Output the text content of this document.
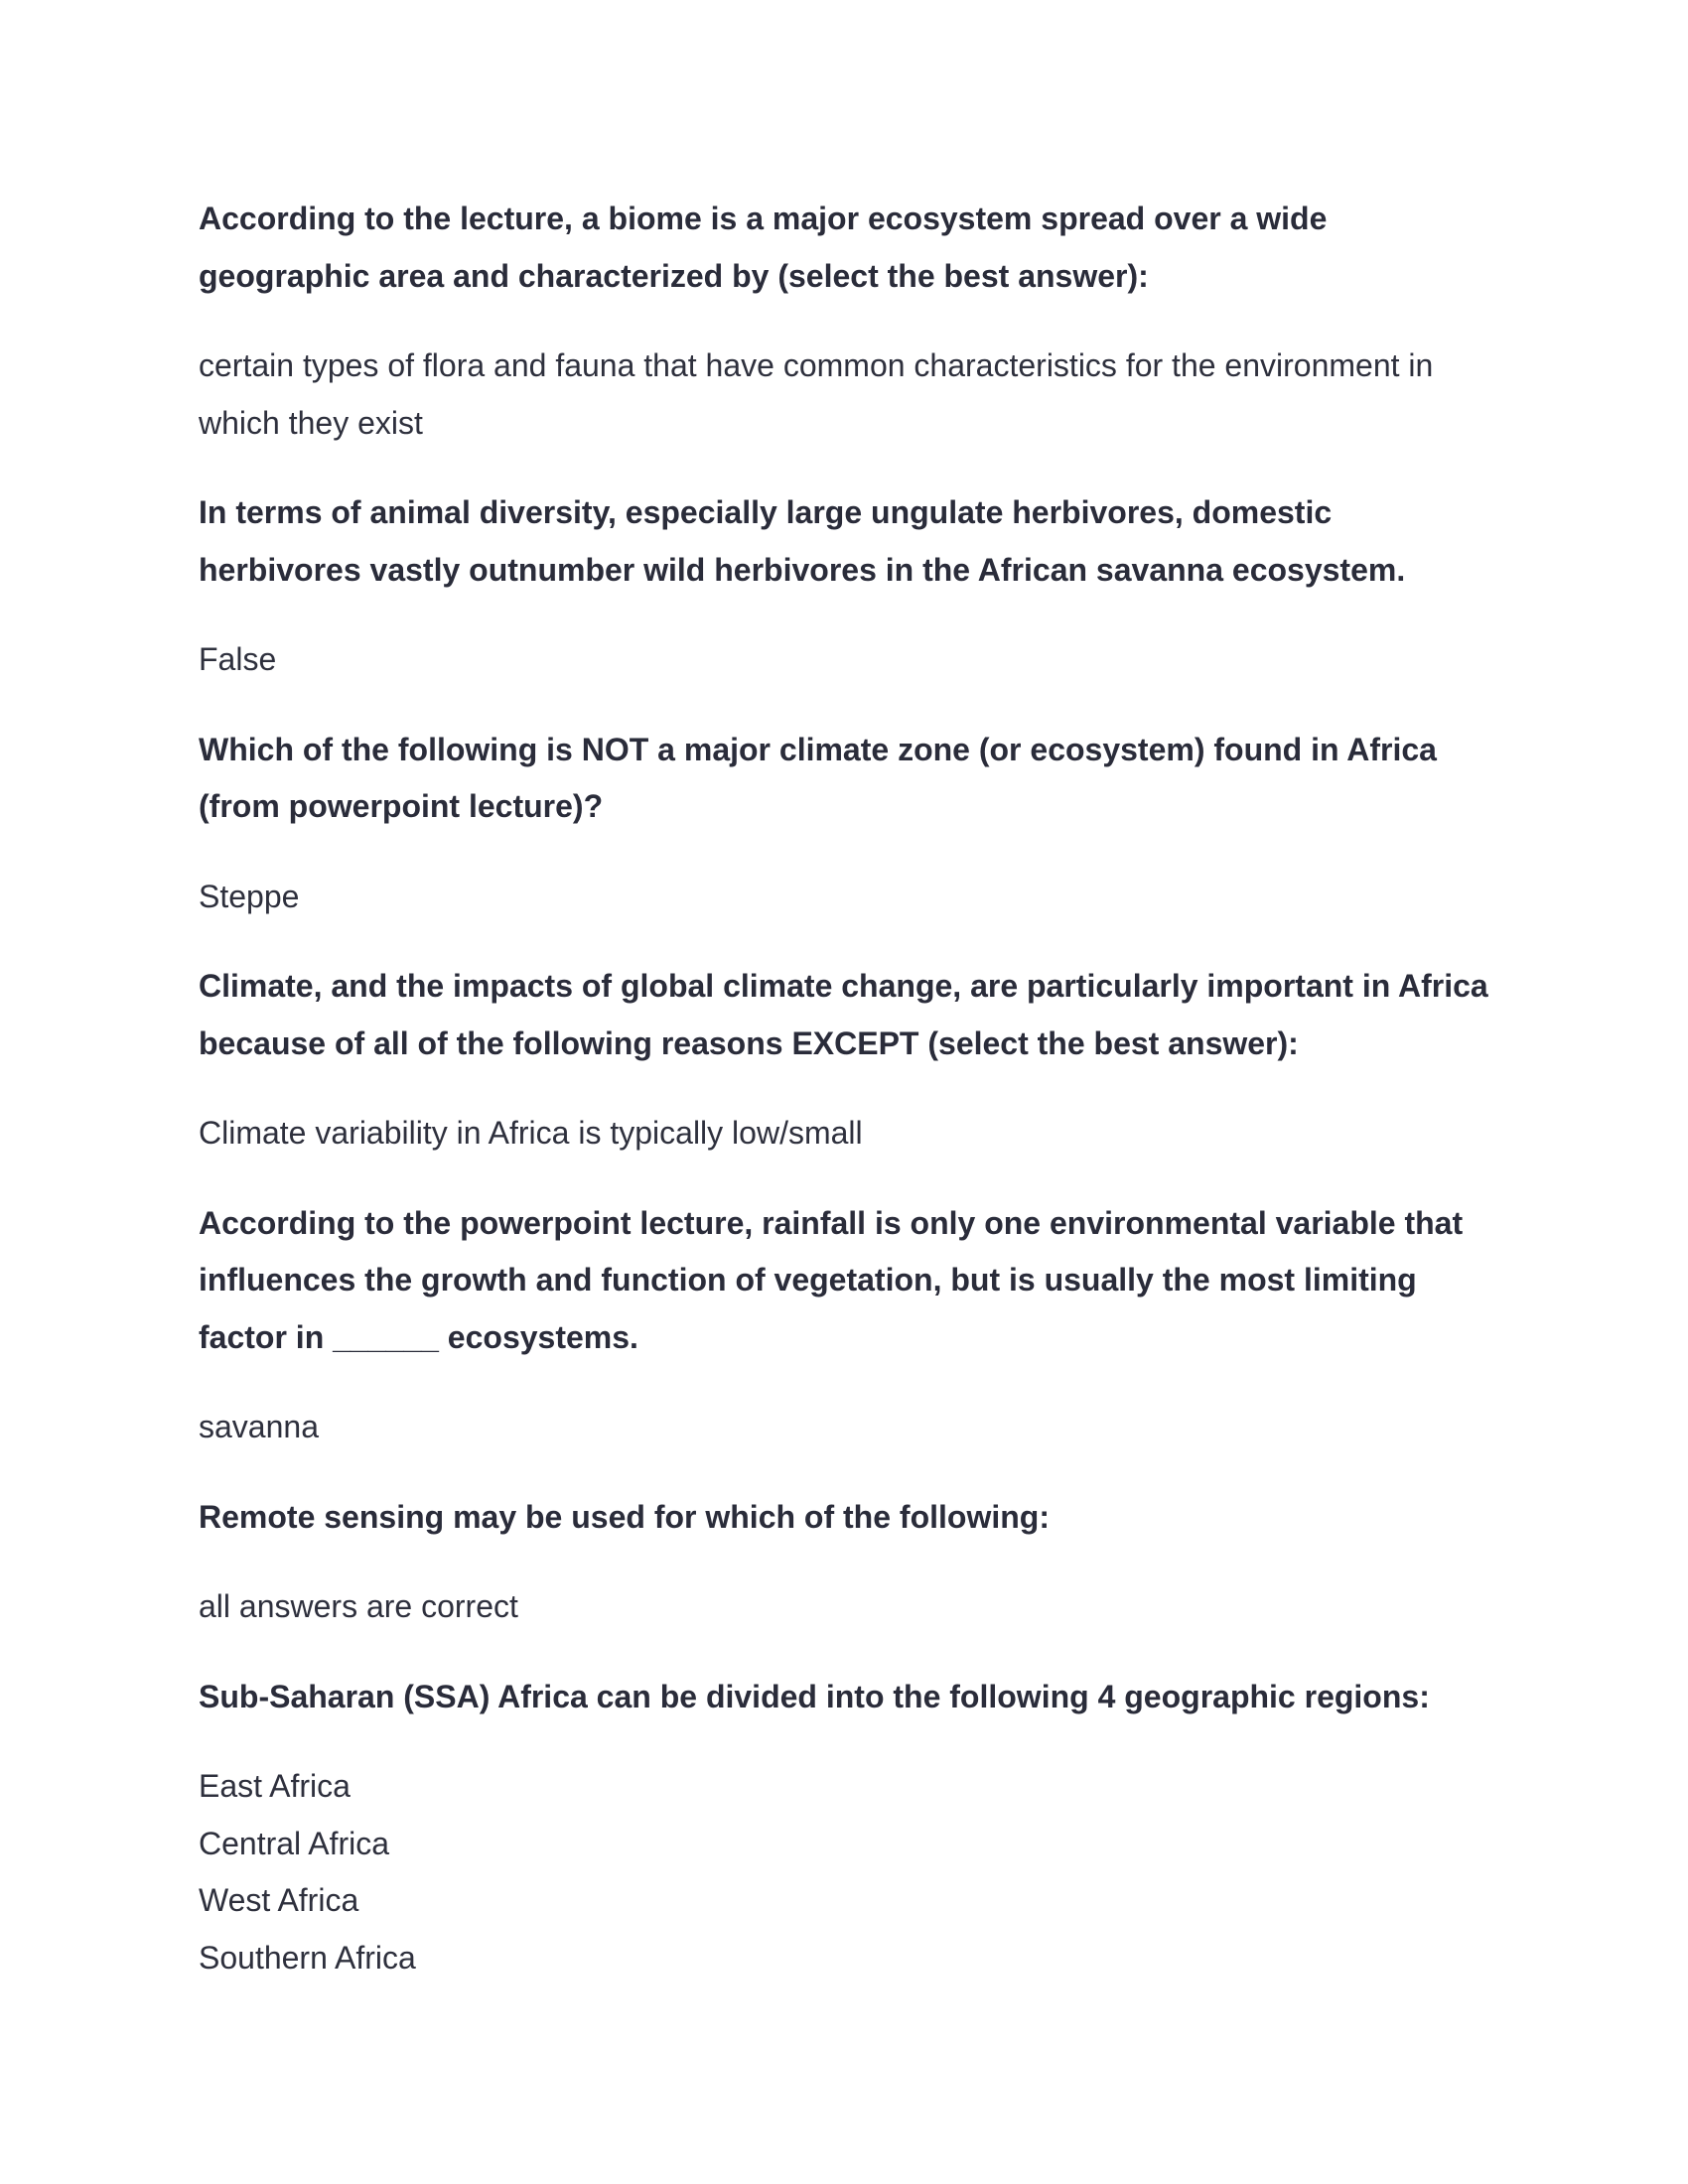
According to the lecture, a biome is a major ecosystem spread over a wide geographic area and characterized by (select the best answer):

certain types of flora and fauna that have common characteristics for the environment in which they exist

In terms of animal diversity, especially large ungulate herbivores, domestic herbivores vastly outnumber wild herbivores in the African savanna ecosystem.

False

Which of the following is NOT a major climate zone (or ecosystem) found in Africa (from powerpoint lecture)?

Steppe

Climate, and the impacts of global climate change, are particularly important in Africa because of all of the following reasons EXCEPT (select the best answer):

Climate variability in Africa is typically low/small

According to the powerpoint lecture, rainfall is only one environmental variable that influences the growth and function of vegetation, but is usually the most limiting factor in ______ ecosystems.

savanna

Remote sensing may be used for which of the following:

all answers are correct

Sub-Saharan (SSA) Africa can be divided into the following 4 geographic regions:

East Africa
Central Africa
West Africa
Southern Africa
